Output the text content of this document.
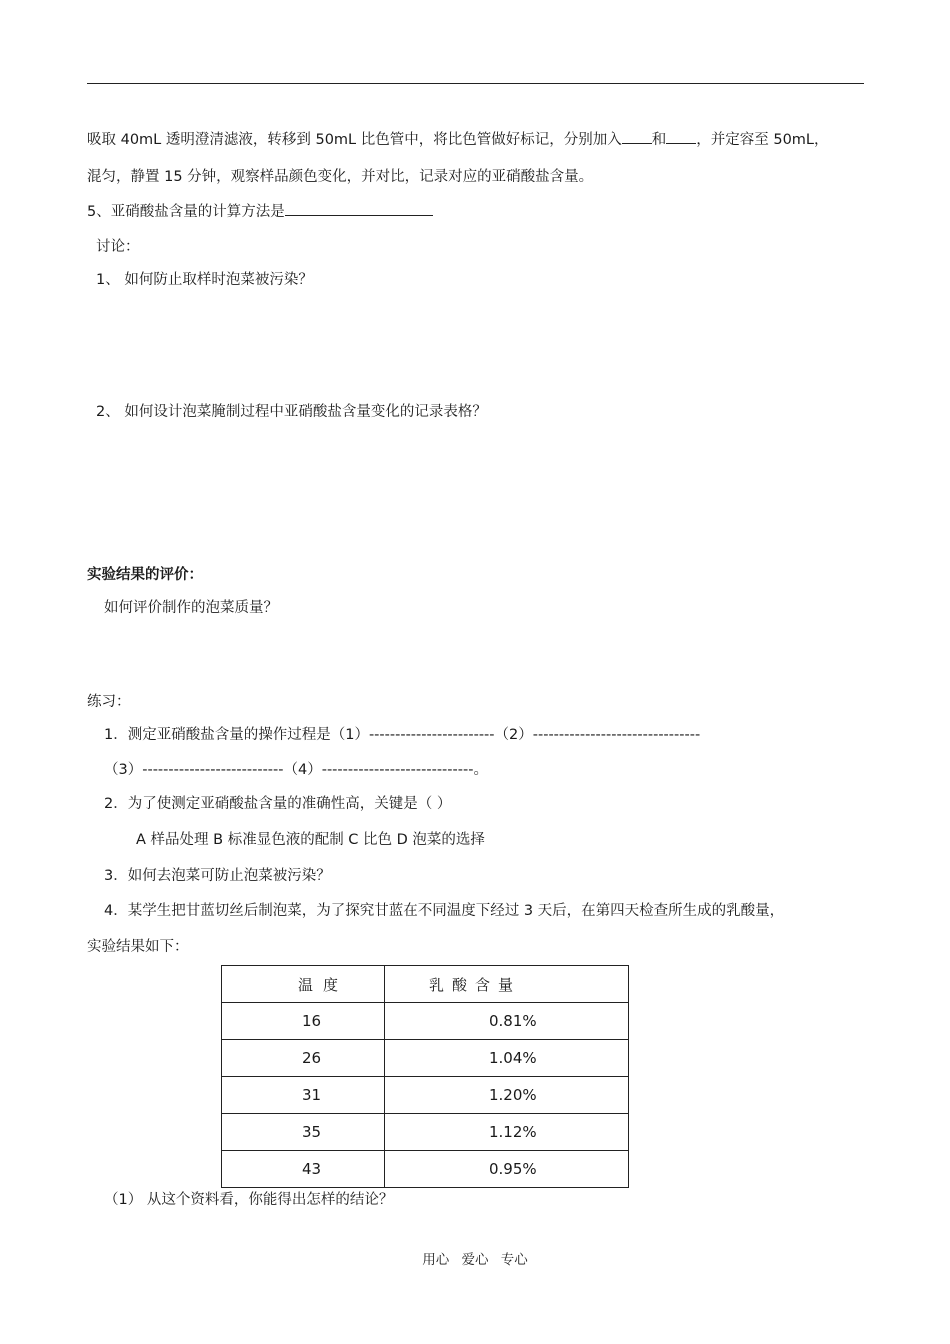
吸取 40mL 透明澄清滤液，转移到 50mL 比色管中，将比色管做好标记，分别加入 和 ，并定容至 50mL，
混匀，静置 15 分钟，观察样品颜色变化，并对比，记录对应的亚硝酸盐含量。
5、亚硝酸盐含量的计算方法是
讨论：
1、 如何防止取样时泡菜被污染？
2、 如何设计泡菜腌制过程中亚硝酸盐含量变化的记录表格？
实验结果的评价：
如何评价制作的泡菜质量？
练习：
1．测定亚硝酸盐含量的操作过程是（1）------------------------（2）--------------------------------
（3）---------------------------（4）-----------------------------。
2．为了使测定亚硝酸盐含量的准确性高，关键是（ ）
A 样品处理 B 标准显色液的配制 C 比色 D 泡菜的选择
3．如何去泡菜可防止泡菜被污染？
4．某学生把甘蓝切丝后制泡菜，为了探究甘蓝在不同温度下经过 3 天后，在第四天检查所生成的乳酸量，
实验结果如下：
温度	乳酸含量
16	0.81%
26	1.04%
31	1.20%
35	1.12%
43	0.95%
（1） 从这个资料看，你能得出怎样的结论？
用心 爱心 专心
